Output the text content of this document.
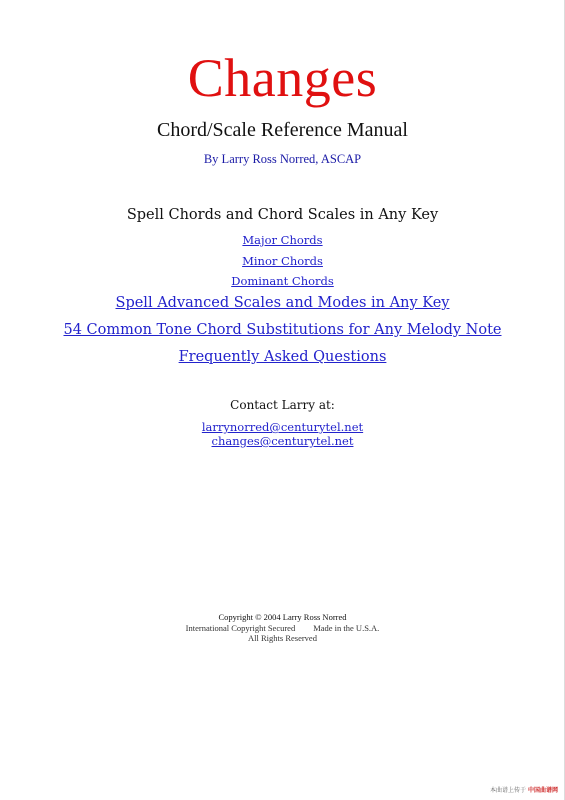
Changes
Chord/Scale Reference Manual
By Larry Ross Norred, ASCAP
Spell Chords and Chord Scales in Any Key
Major Chords
Minor Chords
Dominant Chords
Spell Advanced Scales and Modes in Any Key
54 Common Tone Chord Substitutions for Any Melody Note
Frequently Asked Questions
Contact Larry at:
larrynorred@centurytel.net
changes@centurytel.net
Copyright © 2004 Larry Ross Norred
International Copyright Secured Made in the U.S.A.
All Rights Reserved
本曲谱上传于 中国曲谱网
